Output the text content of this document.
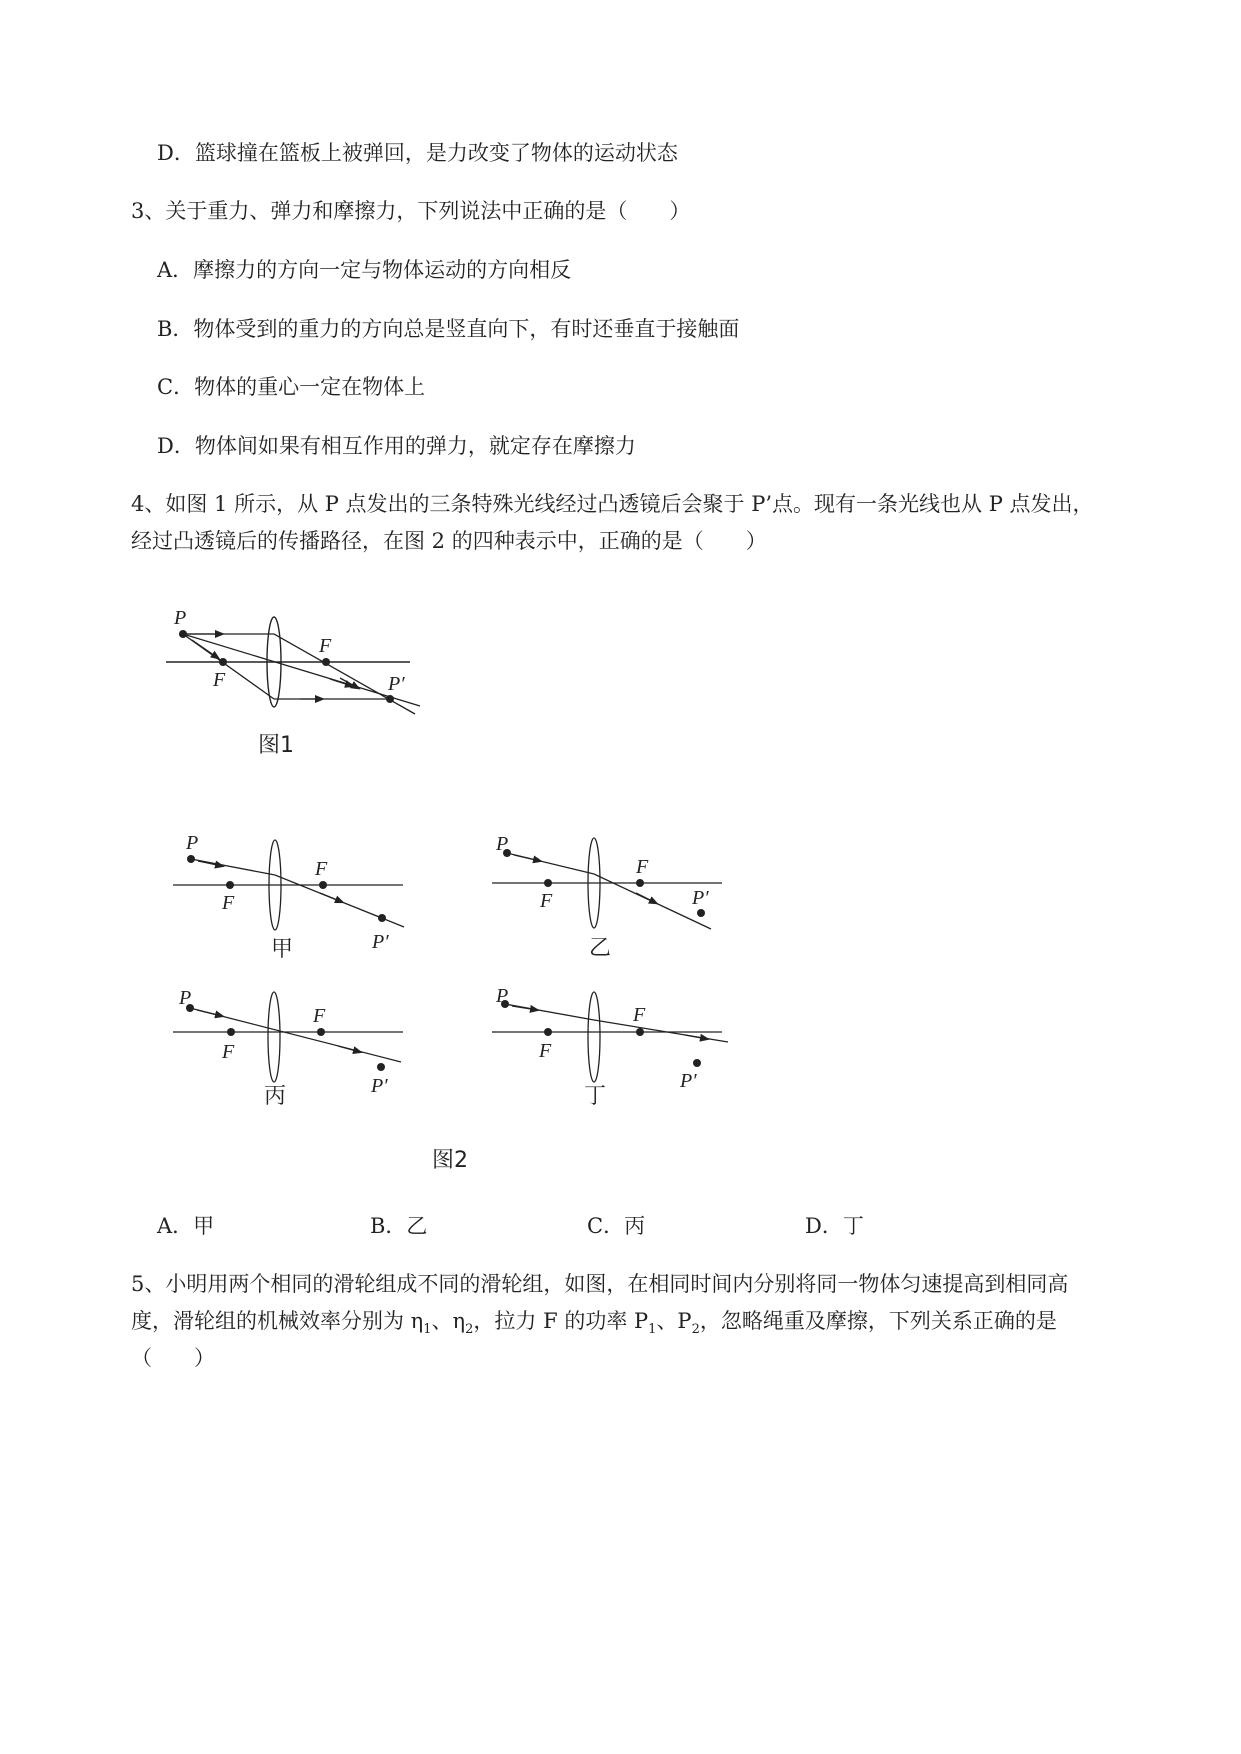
D．篮球撞在篮板上被弹回，是力改变了物体的运动状态
3、关于重力、弹力和摩擦力，下列说法中正确的是（　　）
A．摩擦力的方向一定与物体运动的方向相反
B．物体受到的重力的方向总是竖直向下，有时还垂直于接触面
C．物体的重心一定在物体上
D．物体间如果有相互作用的弹力，就定存在摩擦力
4、如图 1 所示，从 P 点发出的三条特殊光线经过凸透镜后会聚于 P’点。现有一条光线也从 P 点发出，
经过凸透镜后的传播路径，在图 2 的四种表示中，正确的是（　　）
P
F
F
P′
图1
P
F
F
P′
甲
P
F
F
P′
乙
P
F
F
P′
丙
P
F
F
P′
丁
图2
A．甲	B．乙	C．丙	D．丁
5、小明用两个相同的滑轮组成不同的滑轮组，如图，在相同时间内分别将同一物体匀速提高到相同高
度，滑轮组的机械效率分别为 $\eta_1$、$\eta_2$，拉力 F 的功率 $P_1$、$P_2$，忽略绳重及摩擦，下列关系正确的是
（　　）
